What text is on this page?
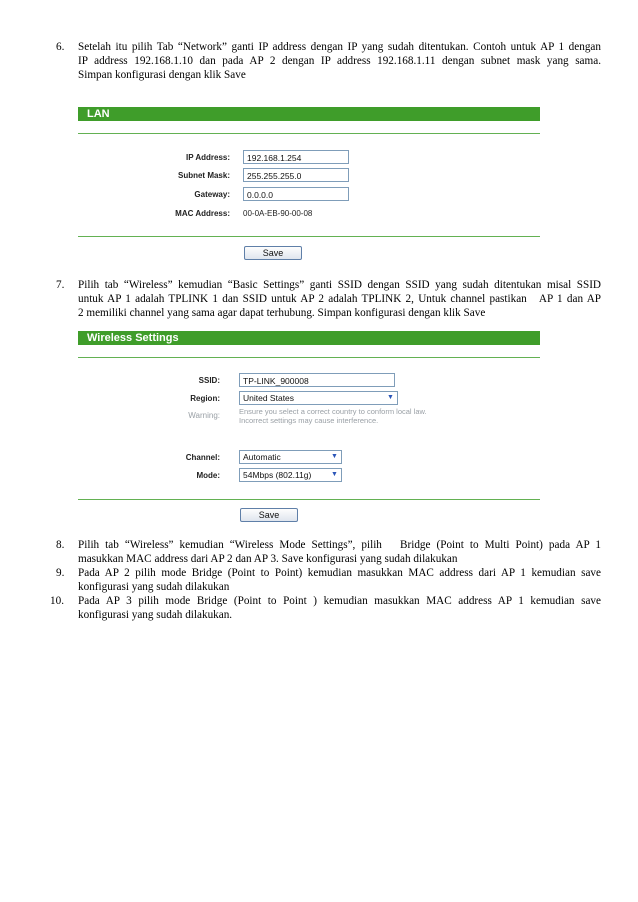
6. Setelah itu pilih Tab “Network” ganti IP address dengan IP yang sudah ditentukan. Contoh untuk AP 1 dengan
IP address 192.168.1.10 dan pada AP 2 dengan IP address 192.168.1.11 dengan subnet mask yang sama.
Simpan konfigurasi dengan klik Save
LAN
IP Address:	192.168.1.254
Subnet Mask:	255.255.255.0
Gateway:	0.0.0.0
MAC Address: 00-0A-EB-90-00-08
Save
7. Pilih tab “Wireless” kemudian “Basic Settings” ganti SSID dengan SSID yang sudah ditentukan misal SSID
untuk AP 1 adalah TPLINK 1 dan SSID untuk AP 2 adalah TPLINK 2, Untuk channel pastikan   AP 1 dan AP
2 memiliki channel yang sama agar dapat terhubung. Simpan konfigurasi dengan klik Save
Wireless Settings
SSID:	TP-LINK_900008
Region:	United States	▼
Warning:	Ensure you select a correct country to conform local law.
Incorrect settings may cause interference.
Channel:	Automatic	▼
Mode:	54Mbps (802.11g)	▼
Save
8. Pilih tab “Wireless” kemudian “Wireless Mode Settings”, pilih   Bridge (Point to Multi Point) pada AP 1
masukkan MAC address dari AP 2 dan AP 3. Save konfigurasi yang sudah dilakukan
9. Pada AP 2 pilih mode Bridge (Point to Point) kemudian masukkan MAC address dari AP 1 kemudian save
konfigurasi yang sudah dilakukan
10. Pada AP 3 pilih mode Bridge (Point to Point ) kemudian masukkan MAC address AP 1 kemudian save
konfigurasi yang sudah dilakukan.
